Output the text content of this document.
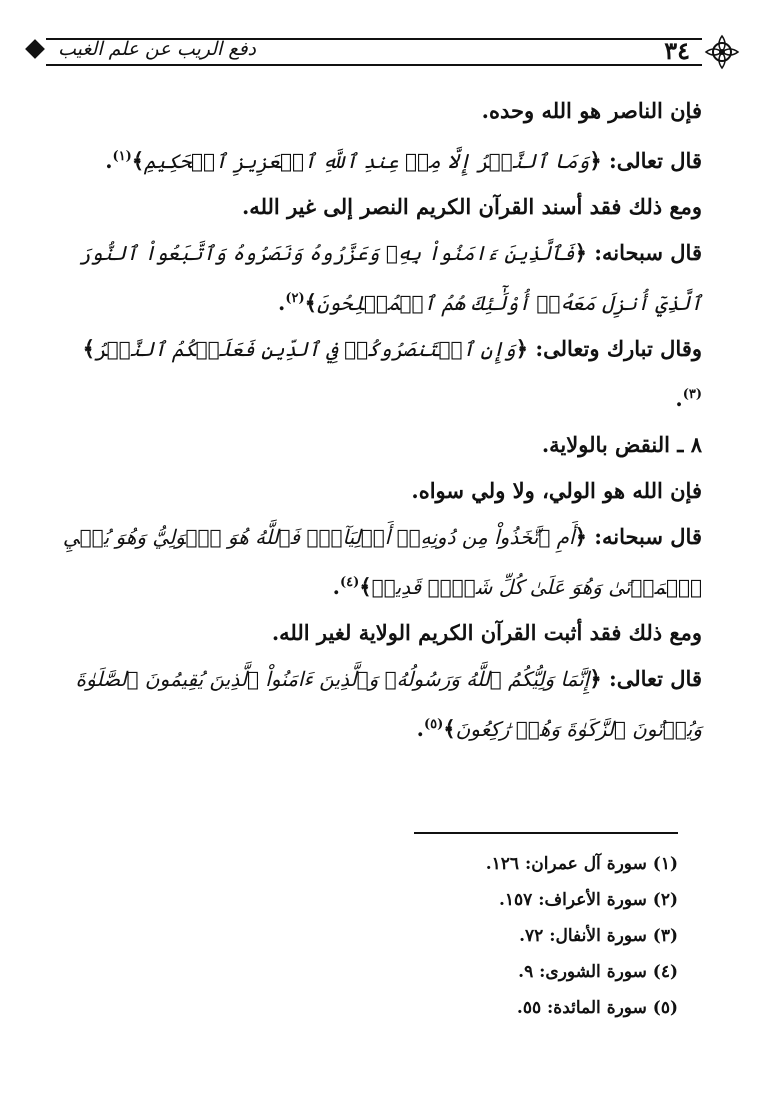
دفع الريب عن علم الغيب	٣٤

فإن الناصر هو الله وحده.

قال تعالى: ﴿وَمَا ٱلنَّصۡرُ إِلَّا مِنۡ عِندِ ٱللَّهِ ٱلۡعَزِيزِ ٱلۡحَكِيمِ﴾$^{(١)}$.

ومع ذلك فقد أسند القرآن الكريم النصر إلى غير الله.

قال سبحانه: ﴿فَٱلَّذِينَ ءَامَنُواْ بِهِۦ وَعَزَّرُوهُ وَنَصَرُوهُ وَٱتَّبَعُواْ ٱلنُّورَ ٱلَّذِيٓ أُنزِلَ مَعَهُۥٓ أُوْلَٰٓئِكَ هُمُ ٱلۡمُفۡلِحُونَ﴾$^{(٢)}$.

وقال تبارك وتعالى: ﴿وَإِنِ ٱسۡتَنصَرُوكُمۡ فِي ٱلدِّينِ فَعَلَيۡكُمُ ٱلنَّصۡرُ﴾$^{(٣)}$.

٨ ـ النقض بالولاية.

فإن الله هو الولي، ولا ولي سواه.

قال سبحانه: ﴿أَمِ ٱتَّخَذُواْ مِن دُونِهِۦٓ أَوۡلِيَآءَۖ فَٱللَّهُ هُوَ ٱلۡوَلِيُّ وَهُوَ يُحۡيِ ٱلۡمَوۡتَىٰ وَهُوَ عَلَىٰ كُلِّ شَيۡءٖ قَدِيرٞ﴾$^{(٤)}$.

ومع ذلك فقد أثبت القرآن الكريم الولاية لغير الله.

قال تعالى: ﴿إِنَّمَا وَلِيُّكُمُ ٱللَّهُ وَرَسُولُهُۥ وَٱلَّذِينَ ءَامَنُواْ ٱلَّذِينَ يُقِيمُونَ ٱلصَّلَوٰةَ وَيُؤۡتُونَ ٱلزَّكَوٰةَ وَهُمۡ رَٰكِعُونَ﴾$^{(٥)}$.

(١) سورة آل عمران: ١٢٦.
(٢) سورة الأعراف: ١٥٧.
(٣) سورة الأنفال: ٧٢.
(٤) سورة الشورى: ٩.
(٥) سورة المائدة: ٥٥.
